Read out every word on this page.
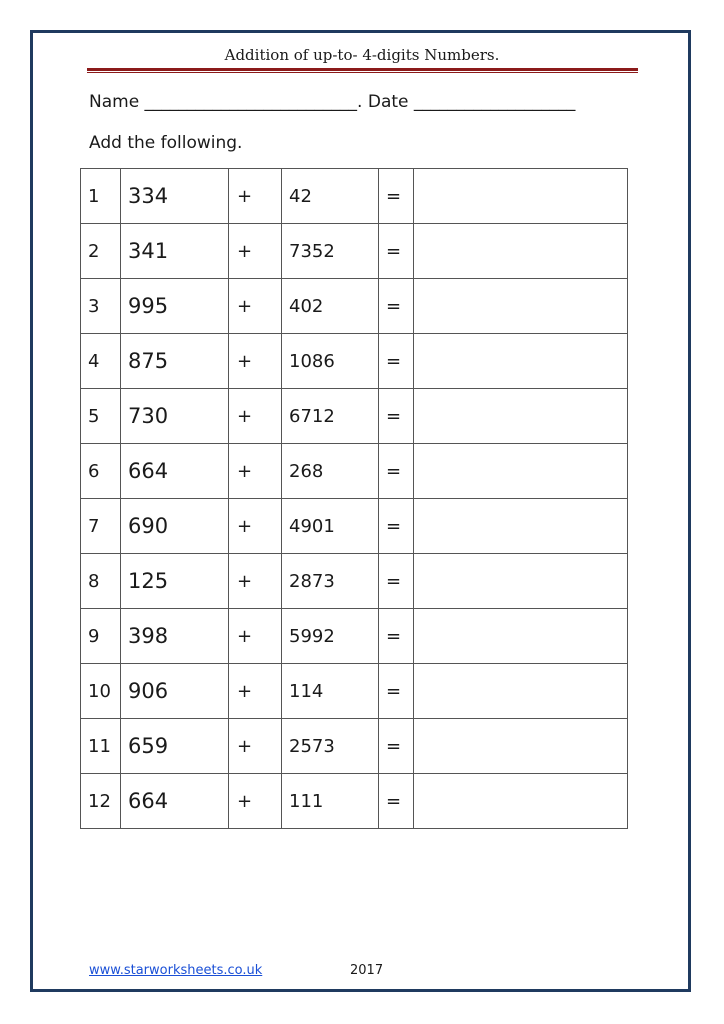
Addition of up-to- 4-digits Numbers.
Name _________________________. Date ___________________
Add the following.
1	334	+	42	=	
2	341	+	7352	=	
3	995	+	402	=	
4	875	+	1086	=	
5	730	+	6712	=	
6	664	+	268	=	
7	690	+	4901	=	
8	125	+	2873	=	
9	398	+	5992	=	
10	906	+	114	=	
11	659	+	2573	=	
12	664	+	111	=	
www.starworksheets.co.uk	2017
